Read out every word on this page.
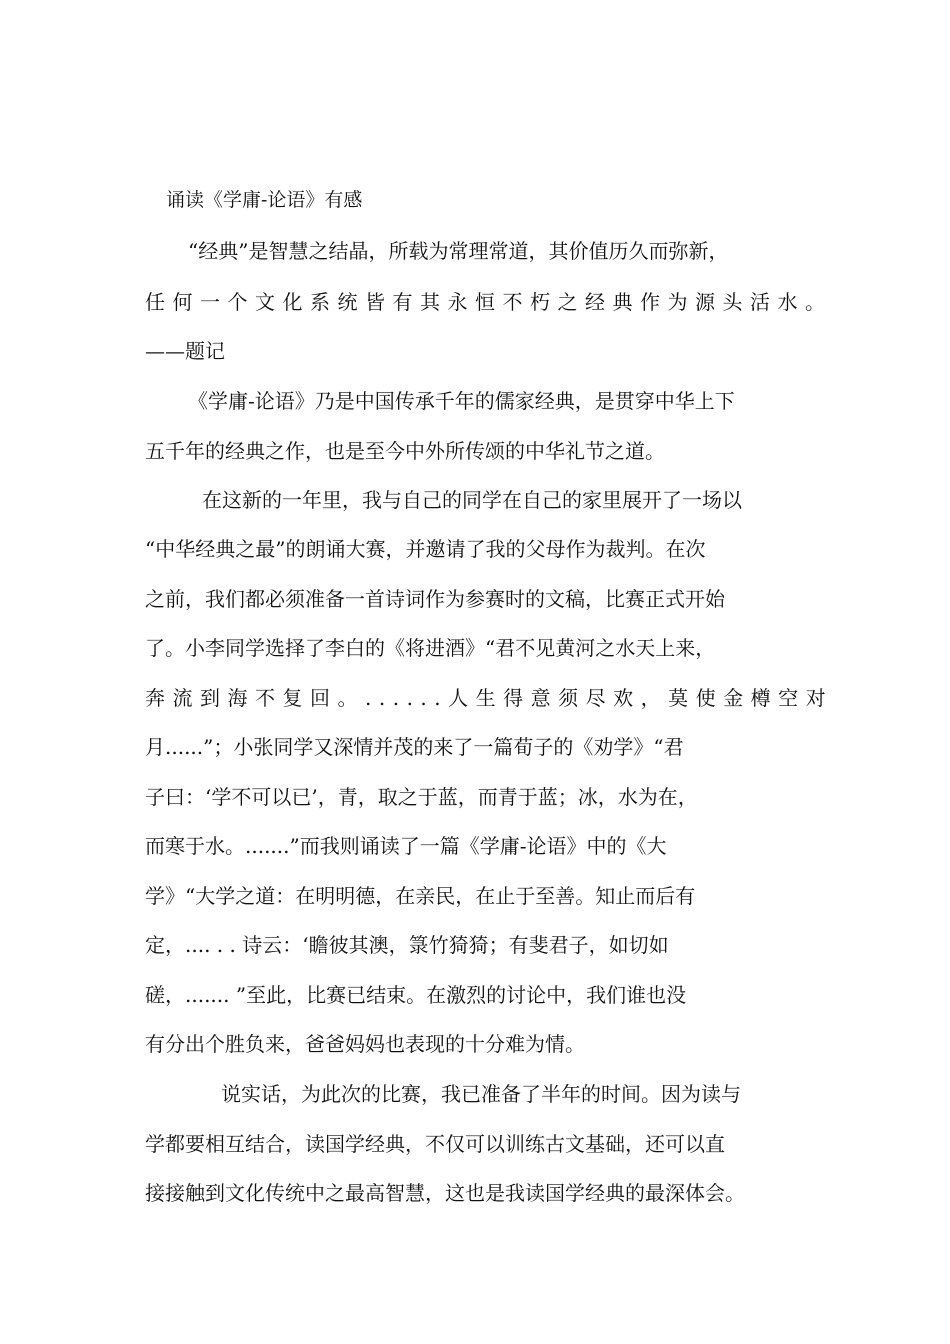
诵读《学庸-论语》有感
“经典”是智慧之结晶，所载为常理常道，其价值历久而弥新，
任何一个文化系统皆有其永恒不朽之经典作为源头活水。
——题记
《学庸-论语》乃是中国传承千年的儒家经典，是贯穿中华上下
五千年的经典之作，也是至今中外所传颂的中华礼节之道。
在这新的一年里，我与自己的同学在自己的家里展开了一场以
“中华经典之最”的朗诵大赛，并邀请了我的父母作为裁判。在次
之前，我们都必须准备一首诗词作为参赛时的文稿，比赛正式开始
了。小李同学选择了李白的《将进酒》“君不见黄河之水天上来，
奔流到海不复回。......人生得意须尽欢，莫使金樽空对
月......”；小张同学又深情并茂的来了一篇荀子的《劝学》“君
子曰：‘学不可以已’，青，取之于蓝，而青于蓝；冰，水为在，
而寒于水。.......”而我则诵读了一篇《学庸-论语》中的《大
学》“大学之道：在明明德，在亲民，在止于至善。知止而后有
定，.... . . 诗云：‘瞻彼其澳，箓竹猗猗；有斐君子，如切如
磋，....... ”至此，比赛已结束。在激烈的讨论中，我们谁也没
有分出个胜负来，爸爸妈妈也表现的十分难为情。
说实话，为此次的比赛，我已准备了半年的时间。因为读与
学都要相互结合，读国学经典，不仅可以训练古文基础，还可以直
接接触到文化传统中之最高智慧，这也是我读国学经典的最深体会。
